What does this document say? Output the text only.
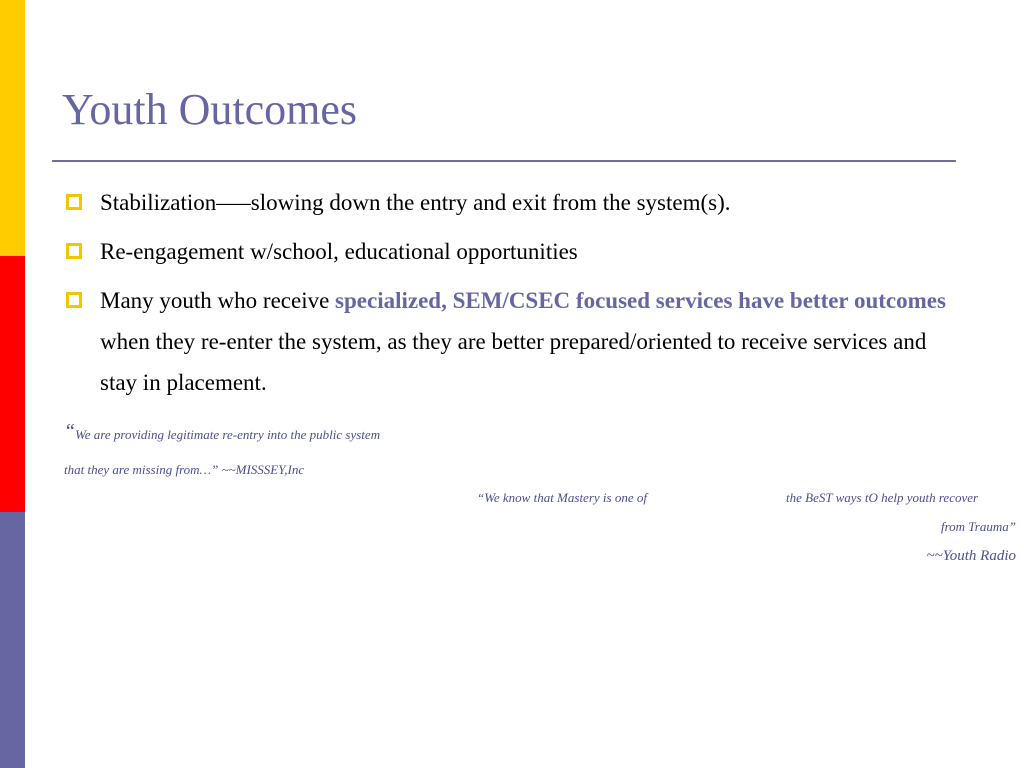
Youth Outcomes
Stabilization—–slowing down the entry and exit from the system(s).
Re-engagement w/school, educational opportunities
Many youth who receive specialized, SEM/CSEC focused services have better outcomes when they re-enter the system, as they are better prepared/oriented to receive services and stay in placement.
“We are providing legitimate re-entry into the public system
that they are missing from…” ~~MISSSEY,Inc
“We know that Mastery is one of	the BeST ways tO help youth recover
from Trauma”
~~Youth Radio
